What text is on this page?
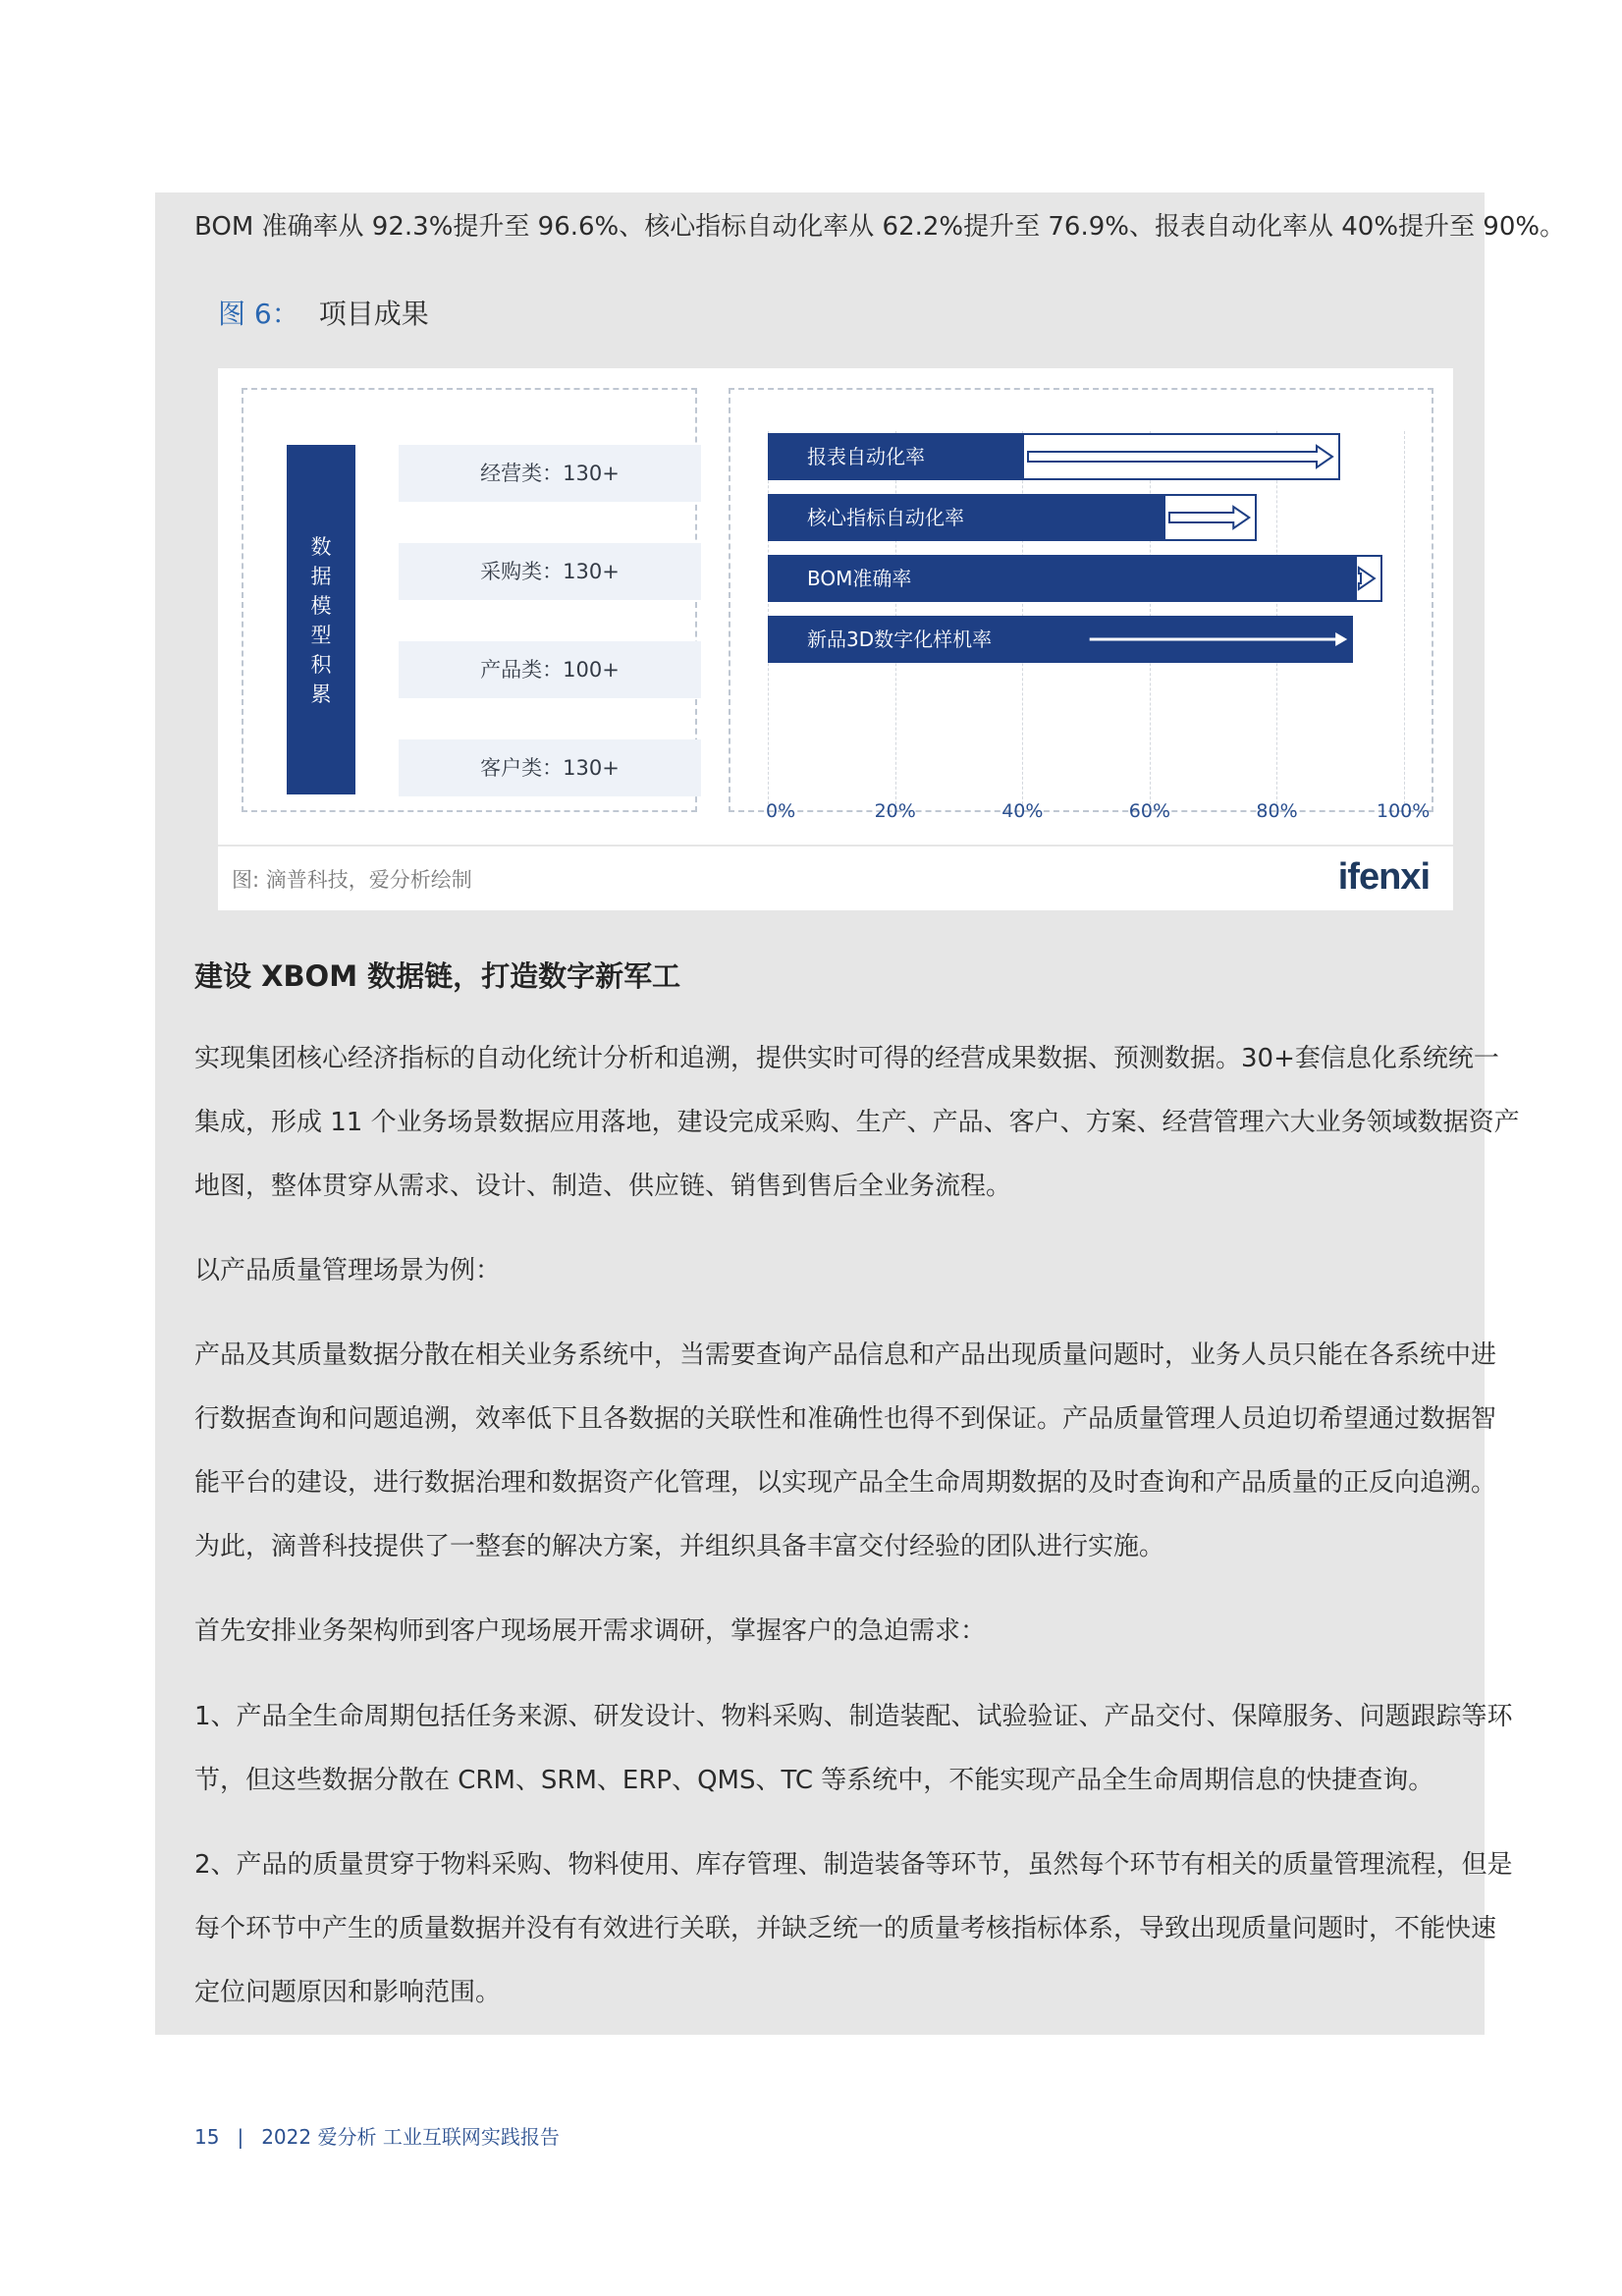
BOM 准确率从 92.3%提升至 96.6%、核心指标自动化率从 62.2%提升至 76.9%、报表自动化率从 40%提升至 90%。
图 6： 项目成果
数
据
模
型
积
累
经营类：130+
采购类：130+
产品类：100+
客户类：130+
0%	20%	40%	60%	80%	100%
报表自动化率
核心指标自动化率
BOM准确率
新品3D数字化样机率
图: 滴普科技，爱分析绘制	ifenxi
建设 XBOM 数据链，打造数字新军工
实现集团核心经济指标的自动化统计分析和追溯，提供实时可得的经营成果数据、预测数据。30+套信息化系统统一
集成，形成 11 个业务场景数据应用落地，建设完成采购、生产、产品、客户、方案、经营管理六大业务领域数据资产
地图，整体贯穿从需求、设计、制造、供应链、销售到售后全业务流程。
以产品质量管理场景为例：
产品及其质量数据分散在相关业务系统中，当需要查询产品信息和产品出现质量问题时，业务人员只能在各系统中进
行数据查询和问题追溯，效率低下且各数据的关联性和准确性也得不到保证。产品质量管理人员迫切希望通过数据智
能平台的建设，进行数据治理和数据资产化管理，以实现产品全生命周期数据的及时查询和产品质量的正反向追溯。
为此，滴普科技提供了一整套的解决方案，并组织具备丰富交付经验的团队进行实施。
首先安排业务架构师到客户现场展开需求调研，掌握客户的急迫需求：
1、产品全生命周期包括任务来源、研发设计、物料采购、制造装配、试验验证、产品交付、保障服务、问题跟踪等环
节，但这些数据分散在 CRM、SRM、ERP、QMS、TC 等系统中，不能实现产品全生命周期信息的快捷查询。
2、产品的质量贯穿于物料采购、物料使用、库存管理、制造装备等环节，虽然每个环节有相关的质量管理流程，但是
每个环节中产生的质量数据并没有有效进行关联，并缺乏统一的质量考核指标体系，导致出现质量问题时，不能快速
定位问题原因和影响范围。
15 | 2022 爱分析 工业互联网实践报告
